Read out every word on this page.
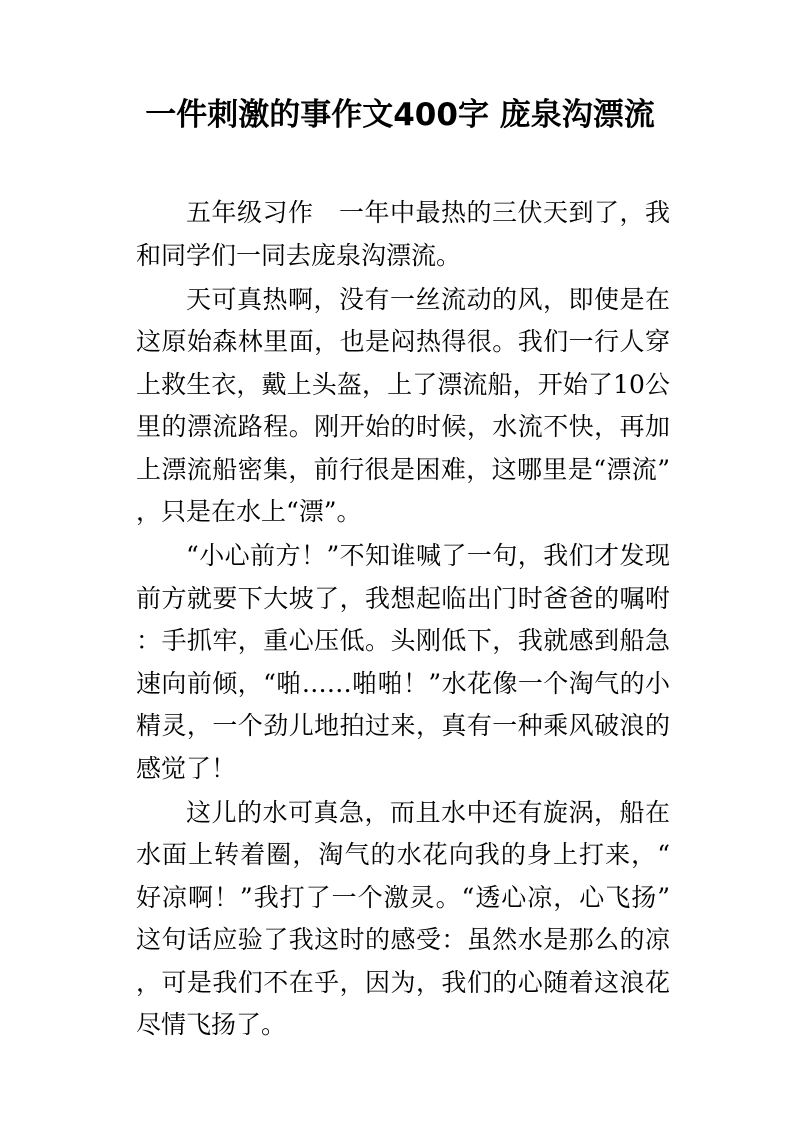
一件刺激的事作文400字 庞泉沟漂流

五年级习作　一年中最热的三伏天到了，我和同学们一同去庞泉沟漂流。

天可真热啊，没有一丝流动的风，即使是在这原始森林里面，也是闷热得很。我们一行人穿上救生衣，戴上头盔，上了漂流船，开始了10公里的漂流路程。刚开始的时候，水流不快，再加上漂流船密集，前行很是困难，这哪里是“漂流”，只是在水上“漂”。

“小心前方！”不知谁喊了一句，我们才发现前方就要下大坡了，我想起临出门时爸爸的嘱咐：手抓牢，重心压低。头刚低下，我就感到船急速向前倾，“啪……啪啪！”水花像一个淘气的小精灵，一个劲儿地拍过来，真有一种乘风破浪的感觉了！

这儿的水可真急，而且水中还有旋涡，船在水面上转着圈，淘气的水花向我的身上打来，“好凉啊！”我打了一个激灵。“透心凉，心飞扬”这句话应验了我这时的感受：虽然水是那么的凉，可是我们不在乎，因为，我们的心随着这浪花尽情飞扬了。
